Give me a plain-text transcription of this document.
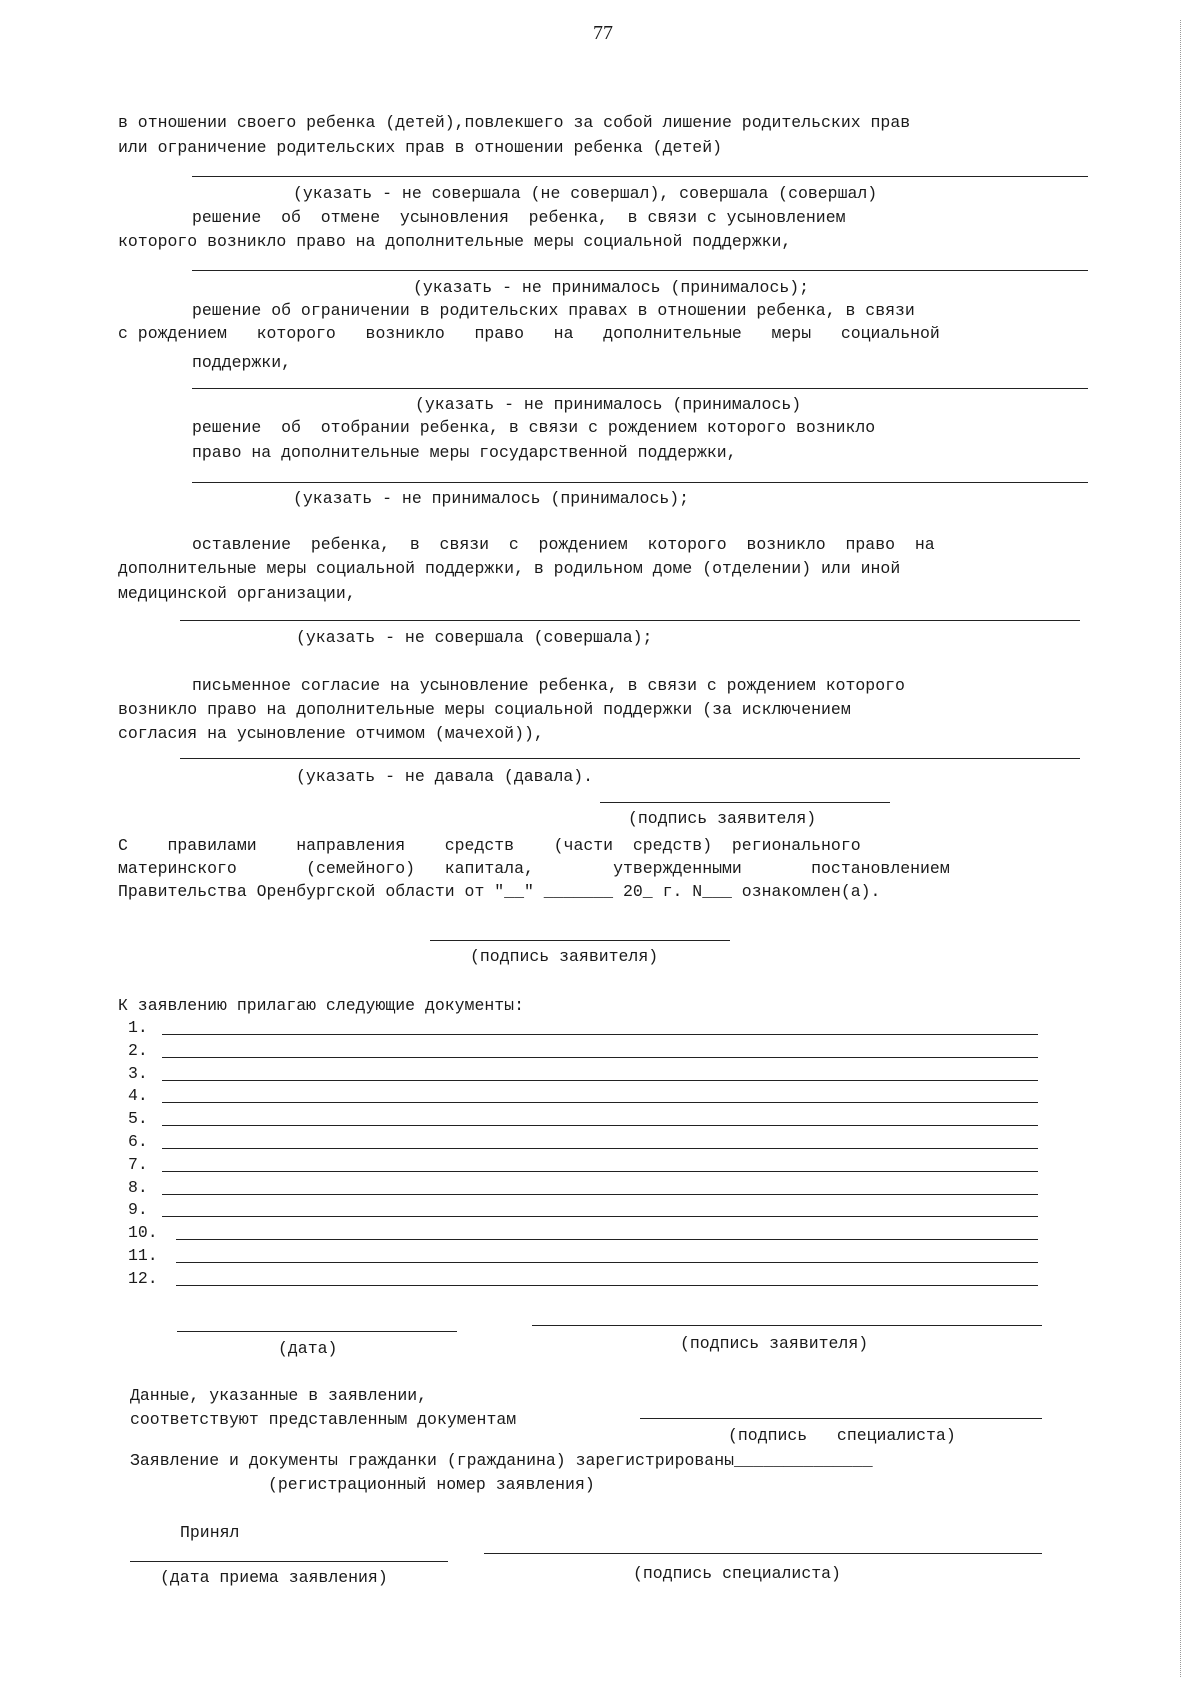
77
в отношении своего ребенка (детей),повлекшего за собой лишение родительских прав
или ограничение родительских прав в отношении ребенка (детей)
(указать - не совершала (не совершал), совершала (совершал)
решение  об  отмене  усыновления  ребенка,  в связи с усыновлением
которого возникло право на дополнительные меры социальной поддержки,
(указать - не принималось (принималось);
решение об ограничении в родительских правах в отношении ребенка, в связи
с рождением   которого   возникло   право   на   дополнительные   меры   социальной
поддержки,
(указать - не принималось (принималось)
решение  об  отобрании ребенка, в связи с рождением которого возникло
право на дополнительные меры государственной поддержки,
(указать - не принималось (принималось);
оставление  ребенка,  в  связи  с  рождением  которого  возникло  право  на
дополнительные меры социальной поддержки, в родильном доме (отделении) или иной
медицинской организации,
(указать - не совершала (совершала);
письменное согласие на усыновление ребенка, в связи с рождением которого
возникло право на дополнительные меры социальной поддержки (за исключением
согласия на усыновление отчимом (мачехой)),
(указать - не давала (давала).
(подпись заявителя)
С    правилами    направления    средств    (части  средств)  регионального
материнского       (семейного)   капитала,        утвержденными       постановлением
Правительства Оренбургской области от "__" _______ 20_ г. N___ ознакомлен(а).
(подпись заявителя)
К заявлению прилагаю следующие документы:
1.
2.
3.
4.
5.
6.
7.
8.
9.
10.
11.
12.
(дата)	(подпись заявителя)
Данные, указанные в заявлении,
соответствуют представленным документам
(подпись   специалиста)
Заявление и документы гражданки (гражданина) зарегистрированы______________
(регистрационный номер заявления)
Принял
(дата приема заявления)	(подпись специалиста)
